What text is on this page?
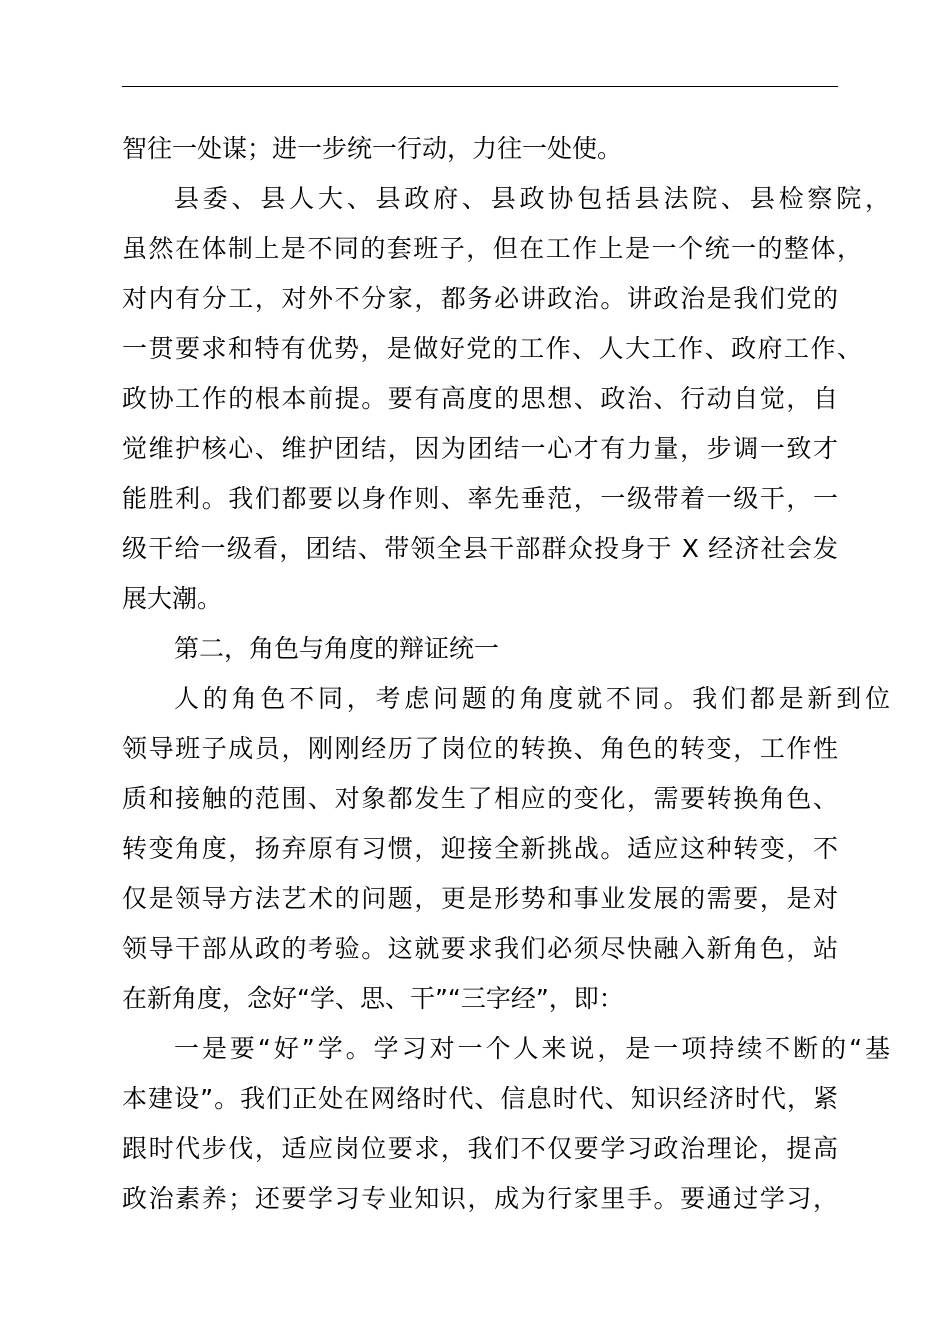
智往一处谋；进一步统一行动，力往一处使。
县委、县人大、县政府、县政协包括县法院、县检察院，
虽然在体制上是不同的套班子，但在工作上是一个统一的整体，
对内有分工，对外不分家，都务必讲政治。讲政治是我们党的
一贯要求和特有优势，是做好党的工作、人大工作、政府工作、
政协工作的根本前提。要有高度的思想、政治、行动自觉，自
觉维护核心、维护团结，因为团结一心才有力量，步调一致才
能胜利。我们都要以身作则、率先垂范，一级带着一级干，一
级干给一级看，团结、带领全县干部群众投身于 X 经济社会发
展大潮。
第二，角色与角度的辩证统一
人的角色不同，考虑问题的角度就不同。我们都是新到位
领导班子成员，刚刚经历了岗位的转换、角色的转变，工作性
质和接触的范围、对象都发生了相应的变化，需要转换角色、
转变角度，扬弃原有习惯，迎接全新挑战。适应这种转变，不
仅是领导方法艺术的问题，更是形势和事业发展的需要，是对
领导干部从政的考验。这就要求我们必须尽快融入新角色，站
在新角度，念好“学、思、干”“三字经”，即：
一是要“好”学。学习对一个人来说，是一项持续不断的“基
本建设”。我们正处在网络时代、信息时代、知识经济时代，紧
跟时代步伐，适应岗位要求，我们不仅要学习政治理论，提高
政治素养；还要学习专业知识，成为行家里手。要通过学习，
